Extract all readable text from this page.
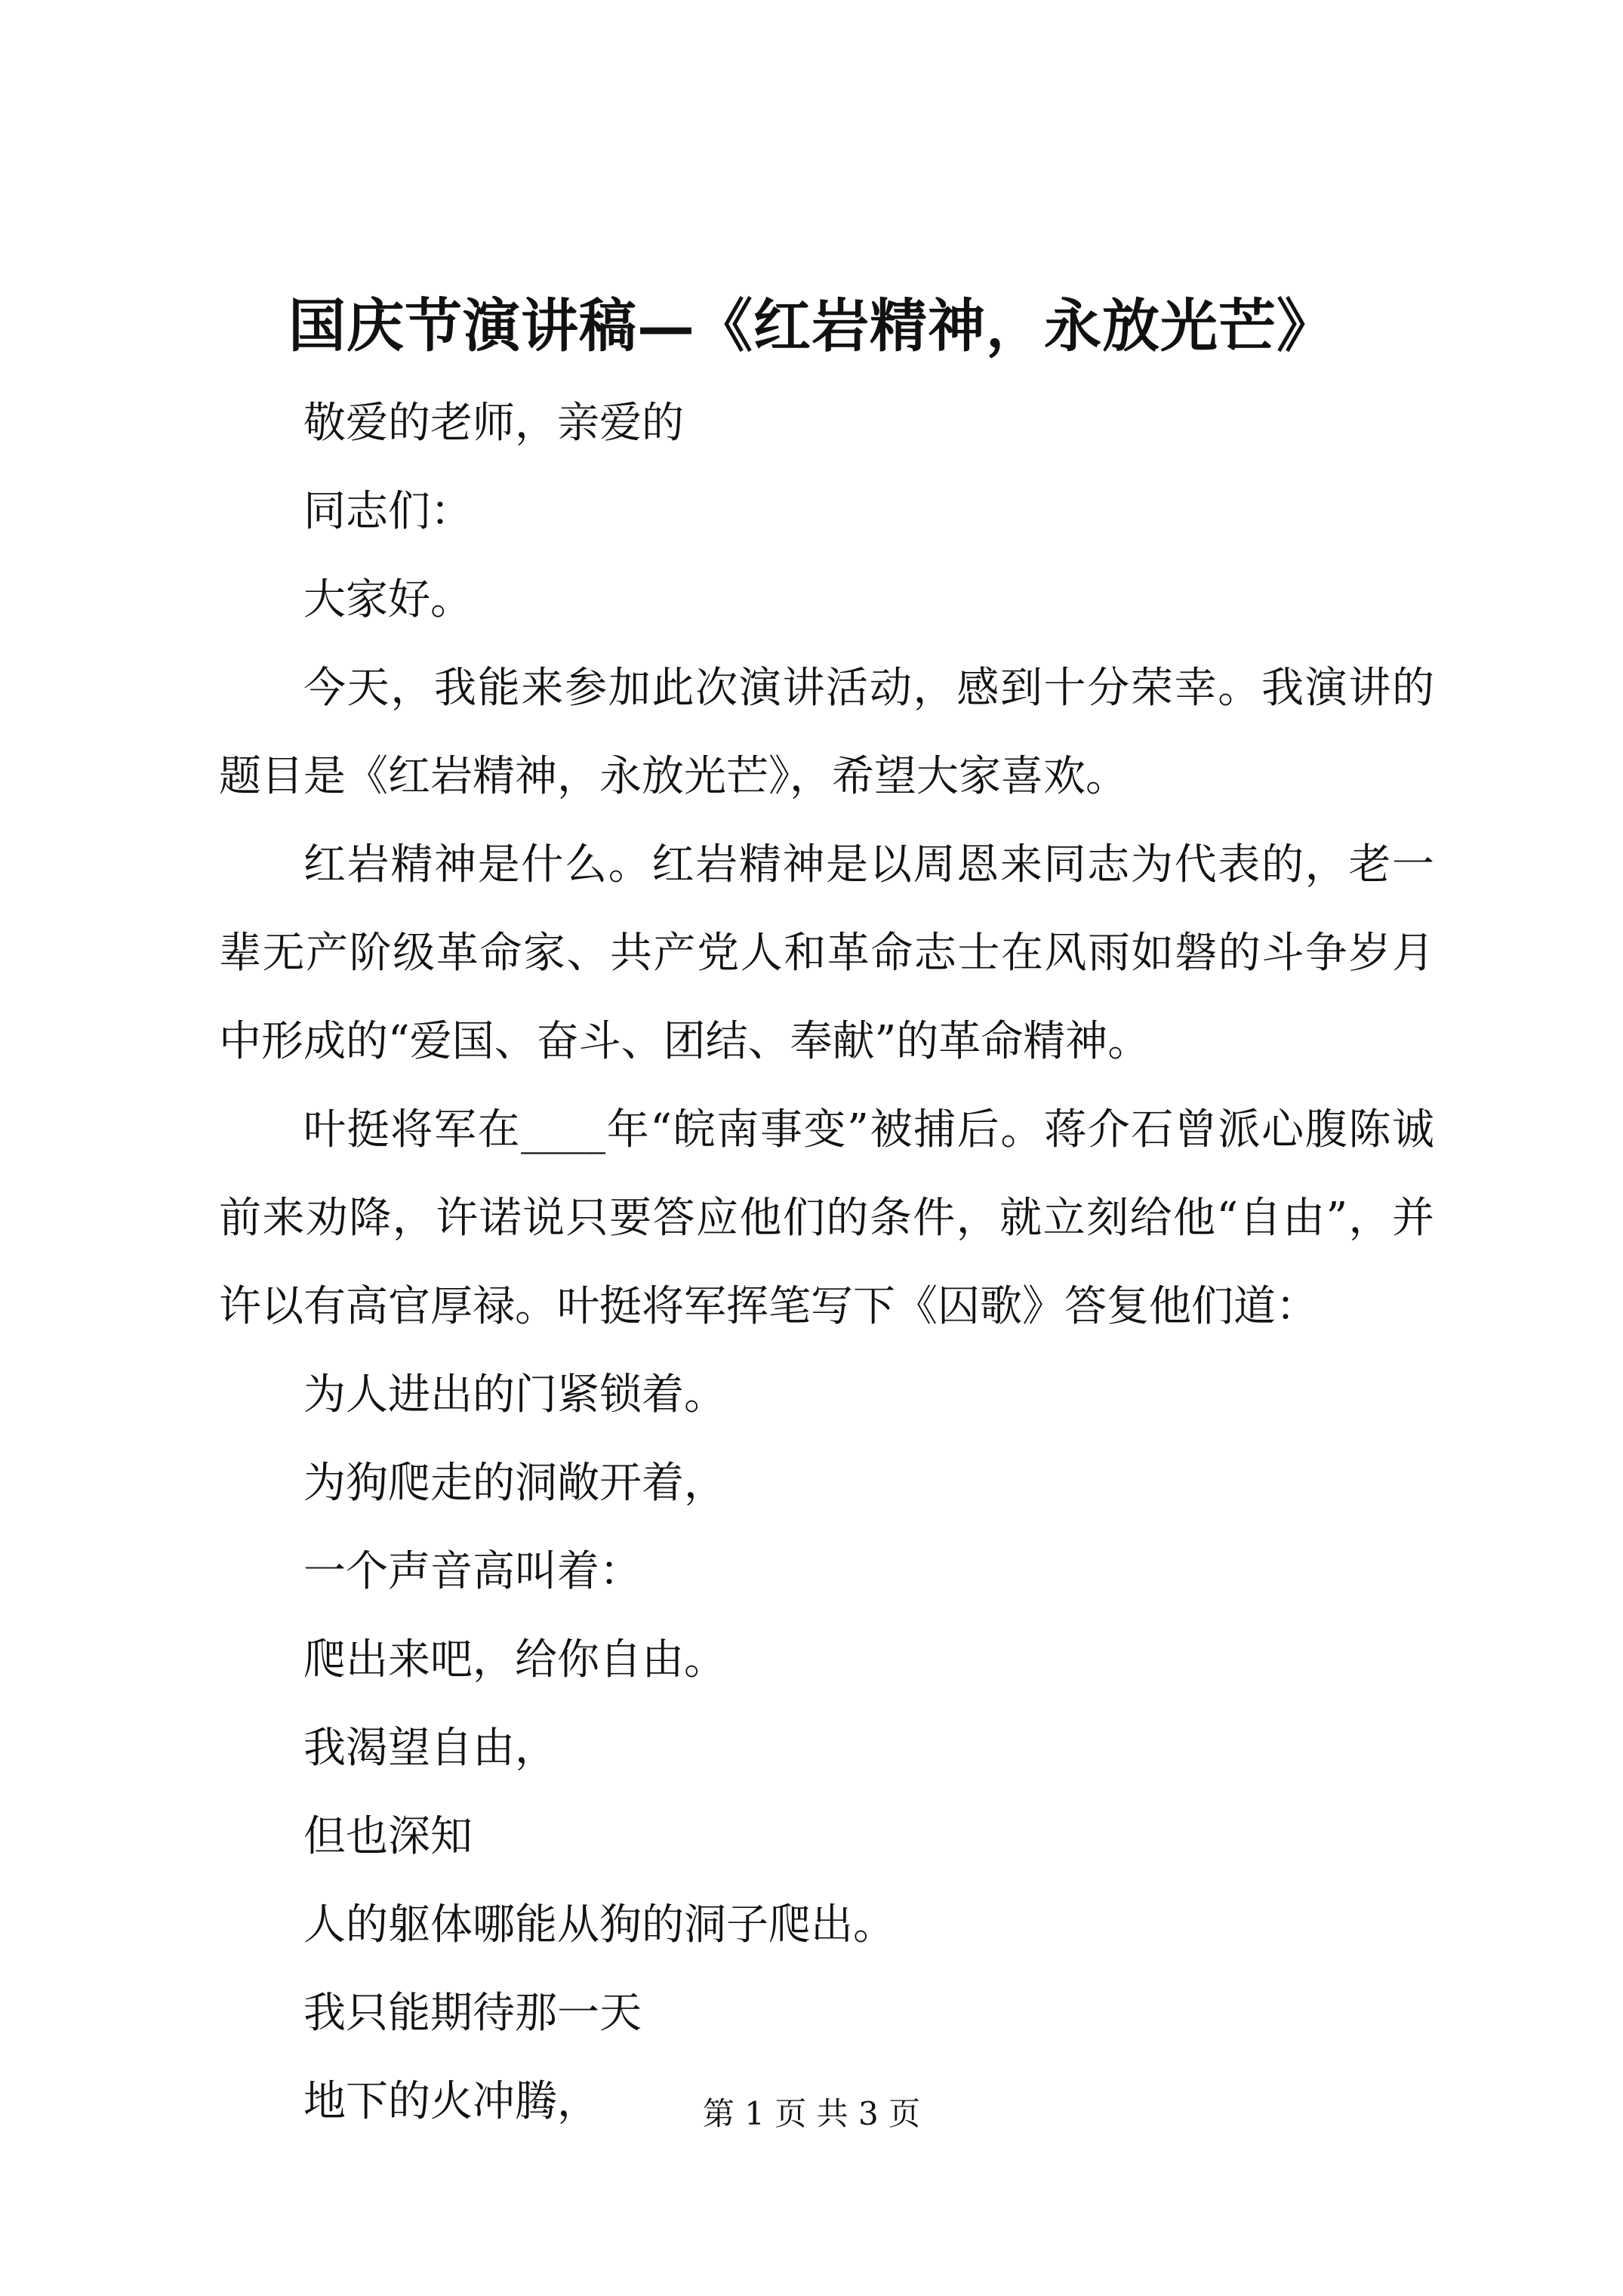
国庆节演讲稿—《红岩精神，永放光芒》

敬爱的老师，亲爱的

同志们：

大家好。

今天，我能来参加此次演讲活动，感到十分荣幸。我演讲的题目是《红岩精神，永放光芒》，希望大家喜欢。

红岩精神是什么。红岩精神是以周恩来同志为代表的，老一辈无产阶级革命家、共产党人和革命志士在风雨如磐的斗争岁月中形成的“爱国、奋斗、团结、奉献”的革命精神。

叶挺将军在____年“皖南事变”被捕后。蒋介石曾派心腹陈诚前来劝降，许诺说只要答应他们的条件，就立刻给他“自由”，并许以有高官厚禄。叶挺将军挥笔写下《囚歌》答复他们道：

为人进出的门紧锁着。

为狗爬走的洞敞开着，

一个声音高叫着：

爬出来吧，给你自由。

我渴望自由，

但也深知

人的躯体哪能从狗的洞子爬出。

我只能期待那一天

地下的火冲腾，	第 1 页 共 3 页
